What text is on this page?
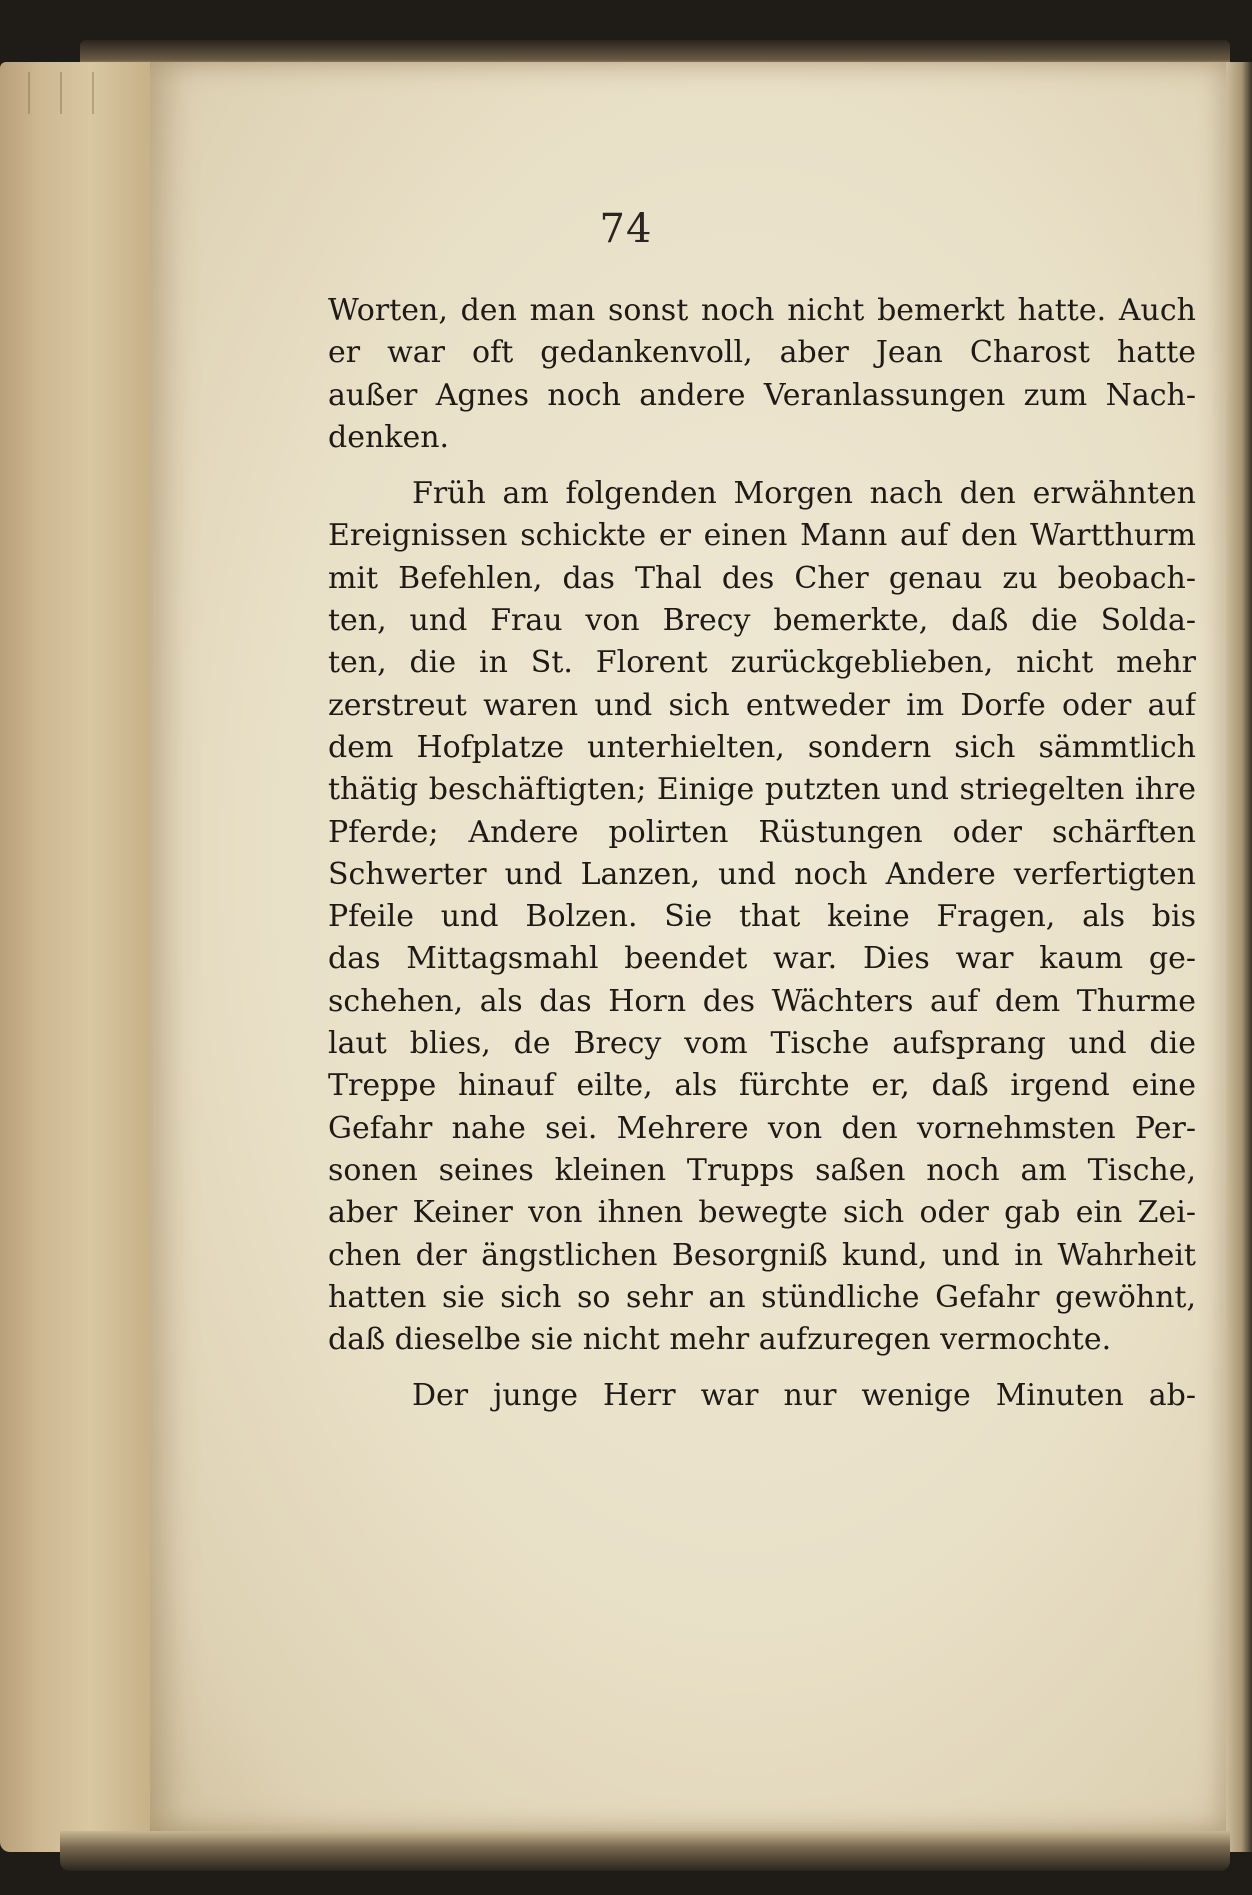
74
Worten, den man sonst noch nicht bemerkt hatte. Auch
er war oft gedankenvoll, aber Jean Charost hatte
außer Agnes noch andere Veranlassungen zum Nach-
denken.
Früh am folgenden Morgen nach den erwähnten
Ereignissen schickte er einen Mann auf den Wartthurm
mit Befehlen, das Thal des Cher genau zu beobach-
ten, und Frau von Brecy bemerkte, daß die Solda-
ten, die in St. Florent zurückgeblieben, nicht mehr
zerstreut waren und sich entweder im Dorfe oder auf
dem Hofplatze unterhielten, sondern sich sämmtlich
thätig beschäftigten; Einige putzten und striegelten ihre
Pferde; Andere polirten Rüstungen oder schärften
Schwerter und Lanzen, und noch Andere verfertigten
Pfeile und Bolzen. Sie that keine Fragen, als bis
das Mittagsmahl beendet war. Dies war kaum ge-
schehen, als das Horn des Wächters auf dem Thurme
laut blies, de Brecy vom Tische aufsprang und die
Treppe hinauf eilte, als fürchte er, daß irgend eine
Gefahr nahe sei. Mehrere von den vornehmsten Per-
sonen seines kleinen Trupps saßen noch am Tische,
aber Keiner von ihnen bewegte sich oder gab ein Zei-
chen der ängstlichen Besorgniß kund, und in Wahrheit
hatten sie sich so sehr an stündliche Gefahr gewöhnt,
daß dieselbe sie nicht mehr aufzuregen vermochte.
Der junge Herr war nur wenige Minuten ab-
